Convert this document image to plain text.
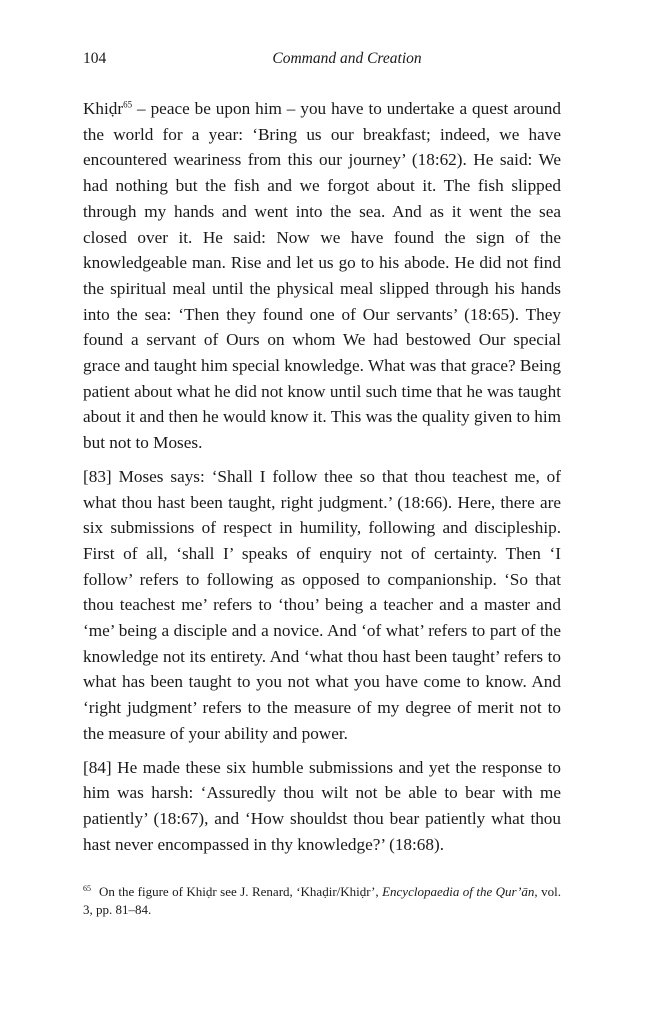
104	Command and Creation

Khiḍr$^{65}$ – peace be upon him – you have to undertake a quest around the world for a year: ‘Bring us our breakfast; indeed, we have encountered weariness from this our journey’ (18:62). He said: We had nothing but the fish and we forgot about it. The fish slipped through my hands and went into the sea. And as it went the sea closed over it. He said: Now we have found the sign of the knowledgeable man. Rise and let us go to his abode. He did not find the spiritual meal until the physical meal slipped through his hands into the sea: ‘Then they found one of Our servants’ (18:65). They found a servant of Ours on whom We had bestowed Our special grace and taught him special knowledge. What was that grace? Being patient about what he did not know until such time that he was taught about it and then he would know it. This was the quality given to him but not to Moses.

[83] Moses says: ‘Shall I follow thee so that thou teachest me, of what thou hast been taught, right judgment.’ (18:66). Here, there are six submissions of respect in humility, following and discipleship. First of all, ‘shall I’ speaks of enquiry not of certainty. Then ‘I follow’ refers to following as opposed to companionship. ‘So that thou teachest me’ refers to ‘thou’ being a teacher and a master and ‘me’ being a disciple and a novice. And ‘of what’ refers to part of the knowledge not its entirety. And ‘what thou hast been taught’ refers to what has been taught to you not what you have come to know. And ‘right judgment’ refers to the measure of my degree of merit not to the measure of your ability and power.

[84] He made these six humble submissions and yet the response to him was harsh: ‘Assuredly thou wilt not be able to bear with me patiently’ (18:67), and ‘How shouldst thou bear patiently what thou hast never encompassed in thy knowledge?’ (18:68).

$^{65}$ On the figure of Khiḍr see J. Renard, ‘Khaḍir/Khiḍr’, Encyclopaedia of the Qur’ān, vol. 3, pp. 81–84.
